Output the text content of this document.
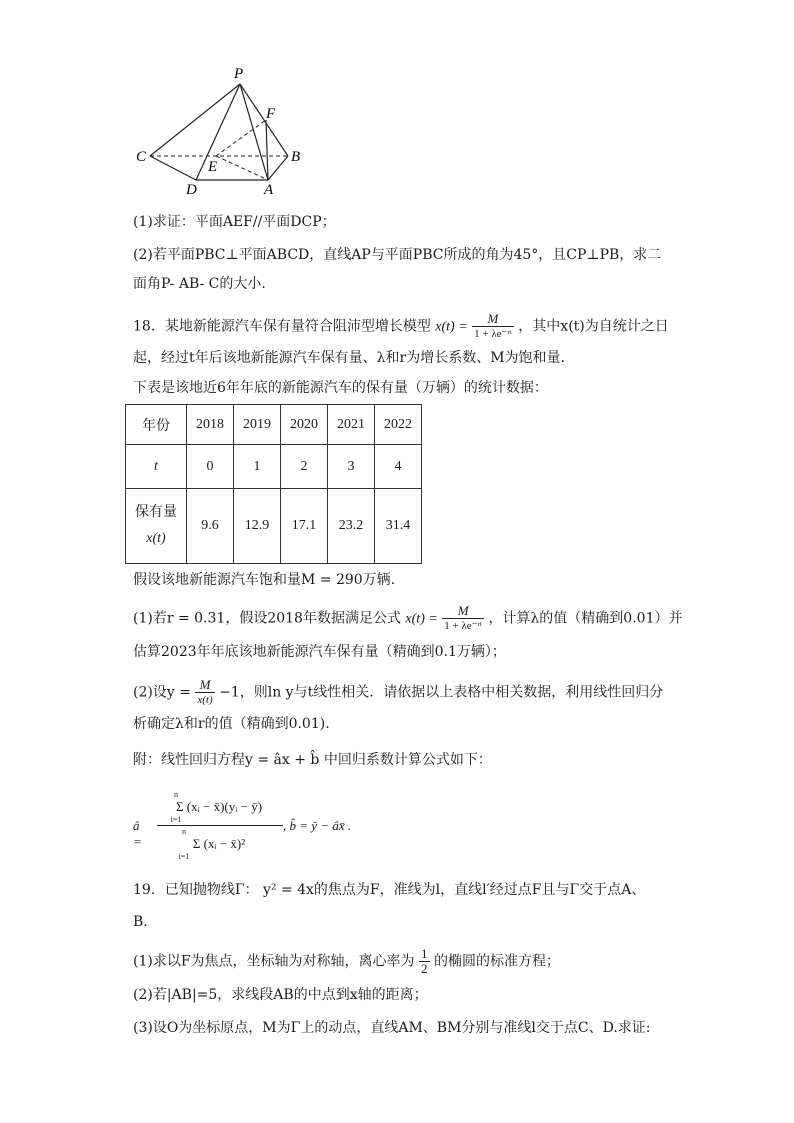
P
F
C
E
B
D	A
(1)求证：平面AEF//平面DCP；
(2)若平面PBC⊥平面ABCD，直线AP与平面PBC所成的角为45°，且CP⊥PB，求二
面角P- AB- C的大小.
18．某地新能源汽车保有量符合阻沛型增长模型 $x(t) = \frac{M}{\text{1 + λe⁻ʳᵗ}}$ ，其中x(t)为自统计之日
起，经过t年后该地新能源汽车保有量、λ和r为增长系数、M为饱和量.
下表是该地近6年年底的新能源汽车的保有量（万辆）的统计数据：
年份	2018	2019	2020	2021	2022
t	0	1	2	3	4

保有量
x(t)	9.6	12.9	17.1	23.2	31.4
假设该地新能源汽车饱和量M = 290万辆.
(1)若r = 0.31，假设2018年数据满足公式 $x(t) = \frac{M}{\text{1 + λe⁻ʳᵗ}}$ ，计算λ的值（精确到0.01）并
估算2023年年底该地新能源汽车保有量（精确到0.1万辆）；
(2)设$y = \frac{M}{x(t)} -1$，则ln y与t线性相关．请依据以上表格中相关数据，利用线性回归分
析确定λ和r的值（精确到0.01).
附：线性回归方程y = âx + b̂ 中回归系数计算公式如下：
â =
n
Σ (xᵢ − x̄)(yᵢ − ȳ)
i=1
n
Σ (xᵢ − x̄)²
i=1
, b̂ = ȳ − âx̄ .
19．已知抛物线Γ： y² = 4x的焦点为F，准线为l，直线l′经过点F且与Γ交于点A、
B.
(1)求以F为焦点，坐标轴为对称轴，离心率为 $\frac{1}{2}$ 的椭圆的标准方程；
(2)若|AB|=5，求线段AB的中点到x轴的距离；
(3)设O为坐标原点，M为Γ上的动点，直线AM、BM分别与准线l交于点C、D.求证:
